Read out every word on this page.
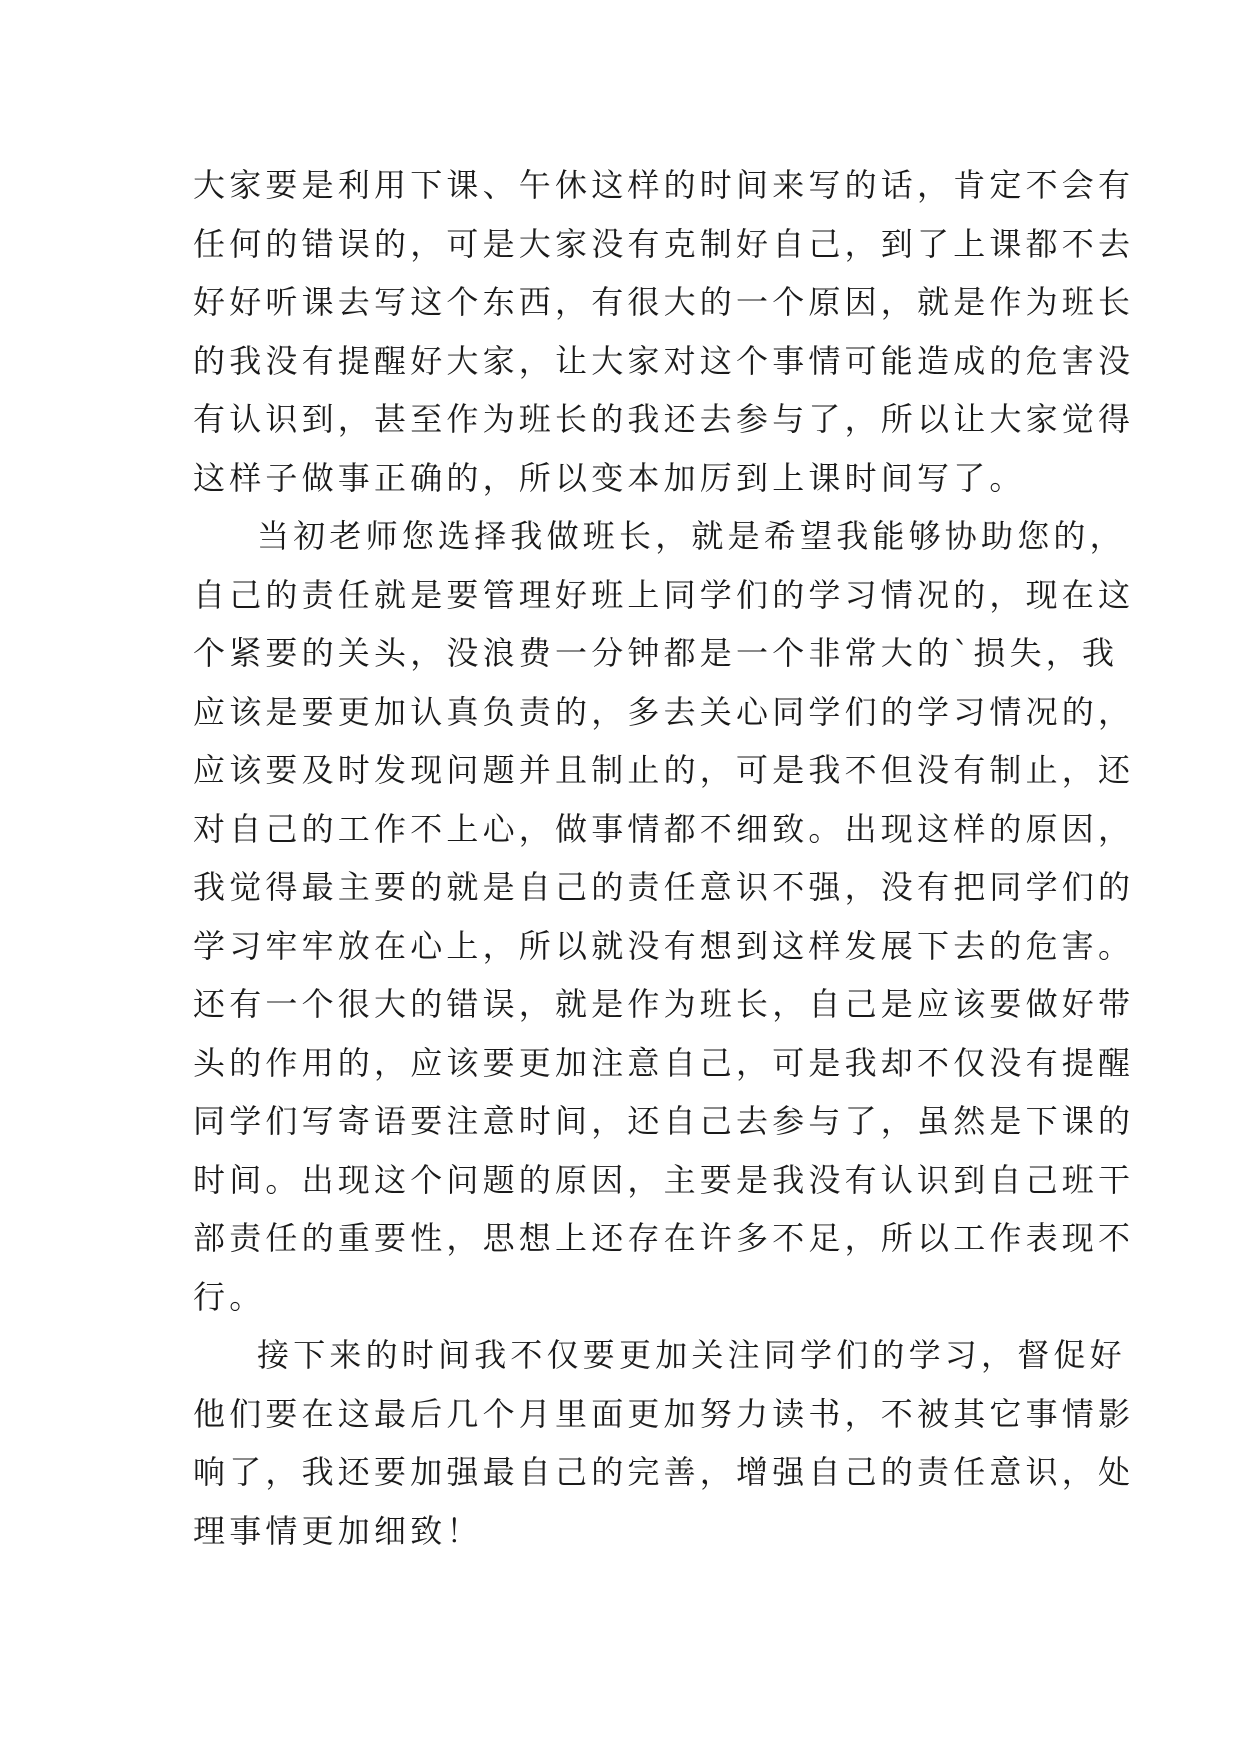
大家要是利用下课、午休这样的时间来写的话，肯定不会有
任何的错误的，可是大家没有克制好自己，到了上课都不去
好好听课去写这个东西，有很大的一个原因，就是作为班长
的我没有提醒好大家，让大家对这个事情可能造成的危害没
有认识到，甚至作为班长的我还去参与了，所以让大家觉得
这样子做事正确的，所以变本加厉到上课时间写了。
当初老师您选择我做班长，就是希望我能够协助您的，
自己的责任就是要管理好班上同学们的学习情况的，现在这
个紧要的关头，没浪费一分钟都是一个非常大的`损失，我
应该是要更加认真负责的，多去关心同学们的学习情况的，
应该要及时发现问题并且制止的，可是我不但没有制止，还
对自己的工作不上心，做事情都不细致。出现这样的原因，
我觉得最主要的就是自己的责任意识不强，没有把同学们的
学习牢牢放在心上，所以就没有想到这样发展下去的危害。
还有一个很大的错误，就是作为班长，自己是应该要做好带
头的作用的，应该要更加注意自己，可是我却不仅没有提醒
同学们写寄语要注意时间，还自己去参与了，虽然是下课的
时间。出现这个问题的原因，主要是我没有认识到自己班干
部责任的重要性，思想上还存在许多不足，所以工作表现不
行。
接下来的时间我不仅要更加关注同学们的学习，督促好
他们要在这最后几个月里面更加努力读书，不被其它事情影
响了，我还要加强最自己的完善，增强自己的责任意识，处
理事情更加细致！
